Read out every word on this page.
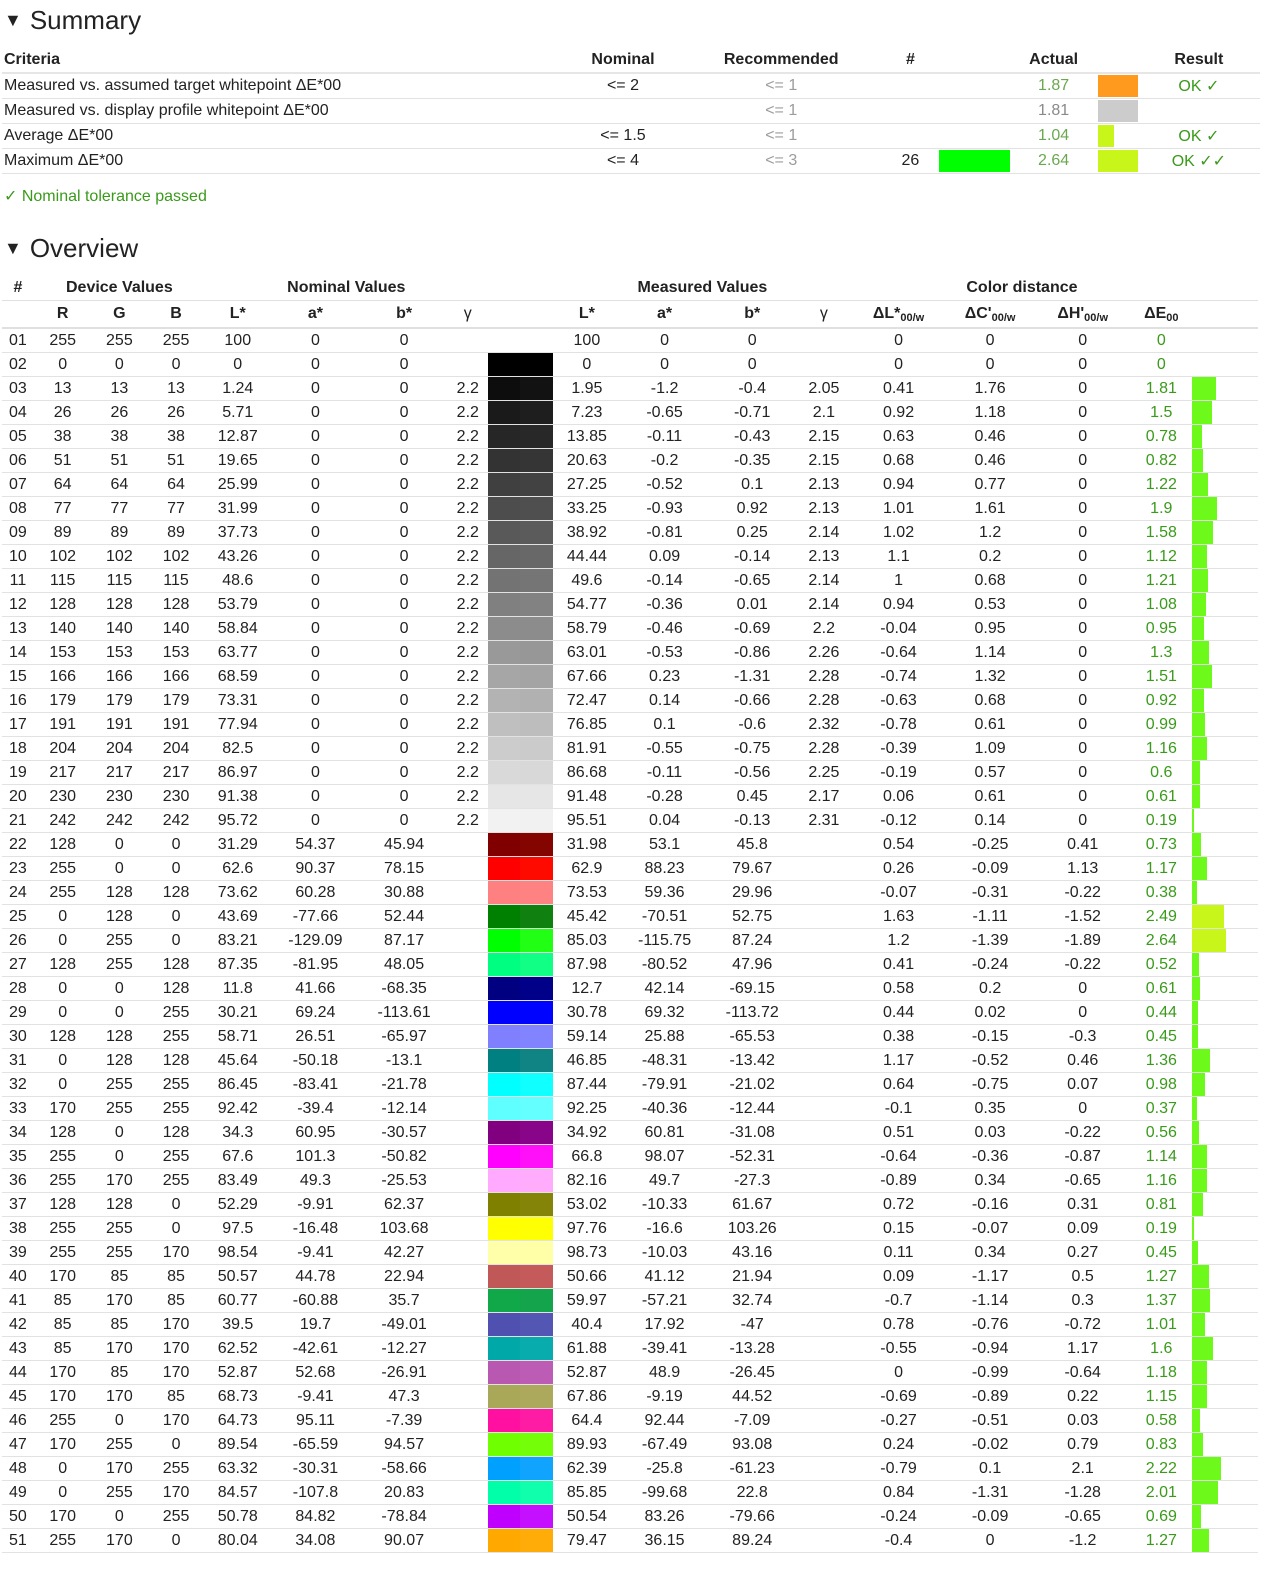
▼ Summary
Criteria	Nominal	Recommended	#		Actual		Result
Measured vs. assumed target whitepoint ΔE*00	<= 2	<= 1			1.87		OK ✓
Measured vs. display profile whitepoint ΔE*00		<= 1			1.81	

Average ΔE*00	<= 1.5	<= 1			1.04		OK ✓
Maximum ΔE*00	<= 4	<= 3	26		2.64		OK ✓✓
✓ Nominal tolerance passed
▼ Overview
#	Device Values			Nominal Values					Measured Values				Color distance				
	R	G	B	L*	a*	b*	γ		L*	a*	b*	γ	$\Delta L*_{00/w}$	$\Delta C'_{00/w}$	$\Delta H'_{00/w}$	$\Delta E_{00}$	
01	255	255	255	100	0	0			100	0	0		0	0	0	0	
02	0	0	0	0	0	0			0	0	0		0	0	0	0	
03	13	13	13	1.24	0	0	2.2		1.95	-1.2	-0.4	2.05	0.41	1.76	0	1.81	

04	26	26	26	5.71	0	0	2.2		7.23	-0.65	-0.71	2.1	0.92	1.18	0	1.5	

05	38	38	38	12.87	0	0	2.2		13.85	-0.11	-0.43	2.15	0.63	0.46	0	0.78	

06	51	51	51	19.65	0	0	2.2		20.63	-0.2	-0.35	2.15	0.68	0.46	0	0.82	

07	64	64	64	25.99	0	0	2.2		27.25	-0.52	0.1	2.13	0.94	0.77	0	1.22	

08	77	77	77	31.99	0	0	2.2		33.25	-0.93	0.92	2.13	1.01	1.61	0	1.9	

09	89	89	89	37.73	0	0	2.2		38.92	-0.81	0.25	2.14	1.02	1.2	0	1.58	

10	102	102	102	43.26	0	0	2.2		44.44	0.09	-0.14	2.13	1.1	0.2	0	1.12	

11	115	115	115	48.6	0	0	2.2		49.6	-0.14	-0.65	2.14	1	0.68	0	1.21	

12	128	128	128	53.79	0	0	2.2		54.77	-0.36	0.01	2.14	0.94	0.53	0	1.08	

13	140	140	140	58.84	0	0	2.2		58.79	-0.46	-0.69	2.2	-0.04	0.95	0	0.95	

14	153	153	153	63.77	0	0	2.2		63.01	-0.53	-0.86	2.26	-0.64	1.14	0	1.3	

15	166	166	166	68.59	0	0	2.2		67.66	0.23	-1.31	2.28	-0.74	1.32	0	1.51	

16	179	179	179	73.31	0	0	2.2		72.47	0.14	-0.66	2.28	-0.63	0.68	0	0.92	

17	191	191	191	77.94	0	0	2.2		76.85	0.1	-0.6	2.32	-0.78	0.61	0	0.99	

18	204	204	204	82.5	0	0	2.2		81.91	-0.55	-0.75	2.28	-0.39	1.09	0	1.16	

19	217	217	217	86.97	0	0	2.2		86.68	-0.11	-0.56	2.25	-0.19	0.57	0	0.6	

20	230	230	230	91.38	0	0	2.2		91.48	-0.28	0.45	2.17	0.06	0.61	0	0.61	

21	242	242	242	95.72	0	0	2.2		95.51	0.04	-0.13	2.31	-0.12	0.14	0	0.19	

22	128	0	0	31.29	54.37	45.94			31.98	53.1	45.8		0.54	-0.25	0.41	0.73	

23	255	0	0	62.6	90.37	78.15			62.9	88.23	79.67		0.26	-0.09	1.13	1.17	

24	255	128	128	73.62	60.28	30.88			73.53	59.36	29.96		-0.07	-0.31	-0.22	0.38	

25	0	128	0	43.69	-77.66	52.44			45.42	-70.51	52.75		1.63	-1.11	-1.52	2.49	

26	0	255	0	83.21	-129.09	87.17			85.03	-115.75	87.24		1.2	-1.39	-1.89	2.64	

27	128	255	128	87.35	-81.95	48.05			87.98	-80.52	47.96		0.41	-0.24	-0.22	0.52	

28	0	0	128	11.8	41.66	-68.35			12.7	42.14	-69.15		0.58	0.2	0	0.61	

29	0	0	255	30.21	69.24	-113.61			30.78	69.32	-113.72		0.44	0.02	0	0.44	

30	128	128	255	58.71	26.51	-65.97			59.14	25.88	-65.53		0.38	-0.15	-0.3	0.45	

31	0	128	128	45.64	-50.18	-13.1			46.85	-48.31	-13.42		1.17	-0.52	0.46	1.36	

32	0	255	255	86.45	-83.41	-21.78			87.44	-79.91	-21.02		0.64	-0.75	0.07	0.98	

33	170	255	255	92.42	-39.4	-12.14			92.25	-40.36	-12.44		-0.1	0.35	0	0.37	

34	128	0	128	34.3	60.95	-30.57			34.92	60.81	-31.08		0.51	0.03	-0.22	0.56	

35	255	0	255	67.6	101.3	-50.82			66.8	98.07	-52.31		-0.64	-0.36	-0.87	1.14	

36	255	170	255	83.49	49.3	-25.53			82.16	49.7	-27.3		-0.89	0.34	-0.65	1.16	

37	128	128	0	52.29	-9.91	62.37			53.02	-10.33	61.67		0.72	-0.16	0.31	0.81	

38	255	255	0	97.5	-16.48	103.68			97.76	-16.6	103.26		0.15	-0.07	0.09	0.19	

39	255	255	170	98.54	-9.41	42.27			98.73	-10.03	43.16		0.11	0.34	0.27	0.45	

40	170	85	85	50.57	44.78	22.94			50.66	41.12	21.94		0.09	-1.17	0.5	1.27	

41	85	170	85	60.77	-60.88	35.7			59.97	-57.21	32.74		-0.7	-1.14	0.3	1.37	

42	85	85	170	39.5	19.7	-49.01			40.4	17.92	-47		0.78	-0.76	-0.72	1.01	

43	85	170	170	62.52	-42.61	-12.27			61.88	-39.41	-13.28		-0.55	-0.94	1.17	1.6	

44	170	85	170	52.87	52.68	-26.91			52.87	48.9	-26.45		0	-0.99	-0.64	1.18	

45	170	170	85	68.73	-9.41	47.3			67.86	-9.19	44.52		-0.69	-0.89	0.22	1.15	

46	255	0	170	64.73	95.11	-7.39			64.4	92.44	-7.09		-0.27	-0.51	0.03	0.58	

47	170	255	0	89.54	-65.59	94.57			89.93	-67.49	93.08		0.24	-0.02	0.79	0.83	

48	0	170	255	63.32	-30.31	-58.66			62.39	-25.8	-61.23		-0.79	0.1	2.1	2.22	

49	0	255	170	84.57	-107.8	20.83			85.85	-99.68	22.8		0.84	-1.31	-1.28	2.01	

50	170	0	255	50.78	84.82	-78.84			50.54	83.26	-79.66		-0.24	-0.09	-0.65	0.69	

51	255	170	0	80.04	34.08	90.07			79.47	36.15	89.24		-0.4	0	-1.2	1.27	
